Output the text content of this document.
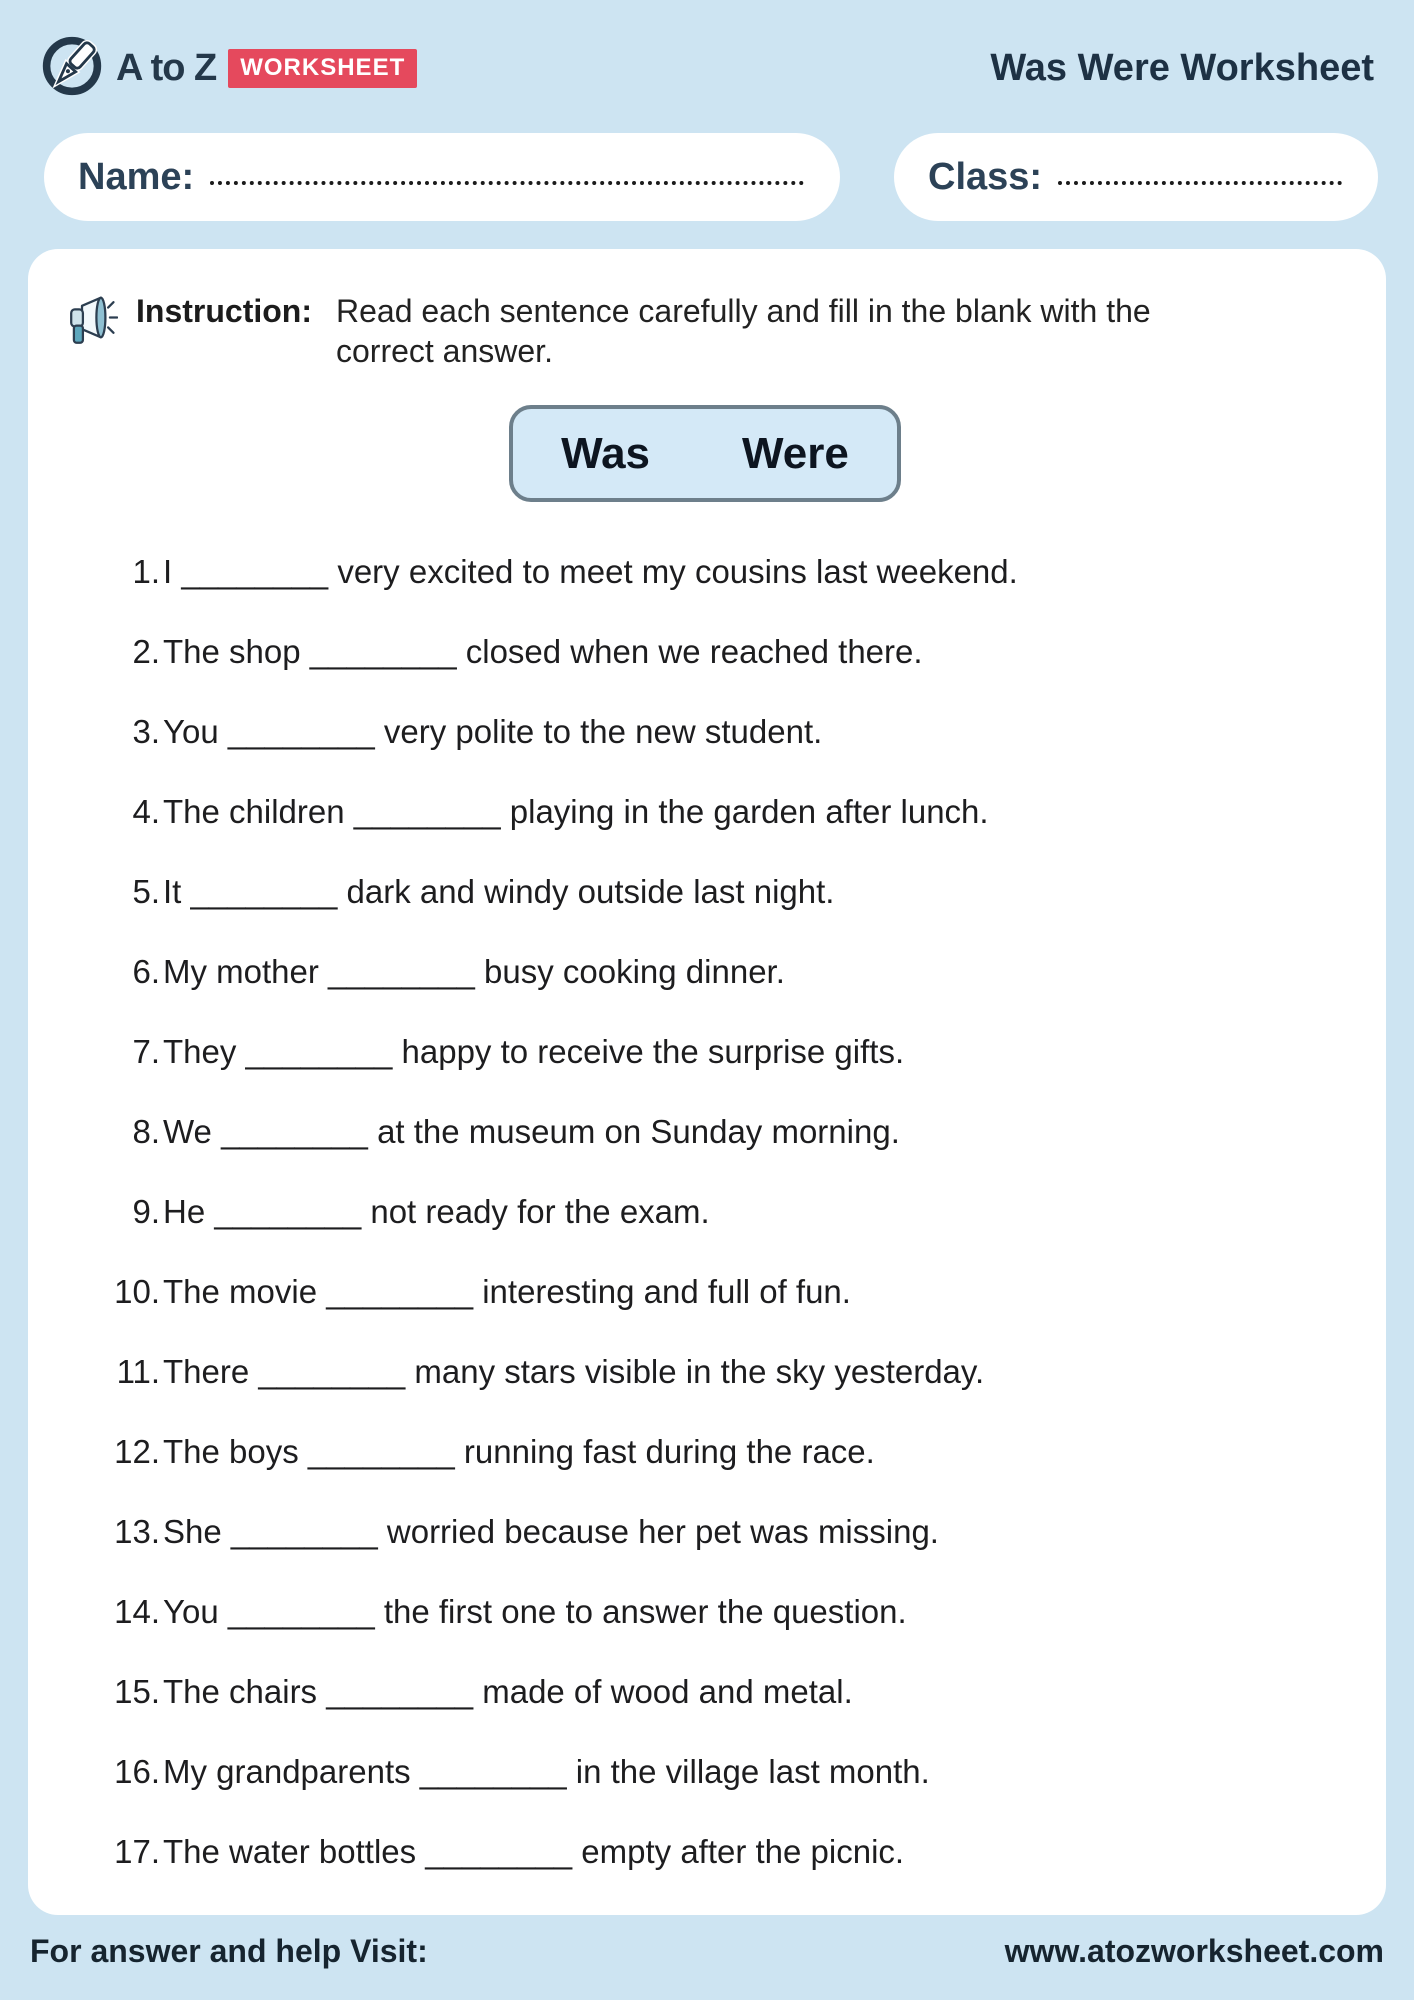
A to Z	WORKSHEET	Was Were Worksheet
Name:	Class:
Instruction: Read each sentence carefully and fill in the blank with the
correct answer.
Was Were
1. I ________ very excited to meet my cousins last weekend.
2. The shop ________ closed when we reached there.
3. You ________ very polite to the new student.
4. The children ________ playing in the garden after lunch.
5. It ________ dark and windy outside last night.
6. My mother ________ busy cooking dinner.
7. They ________ happy to receive the surprise gifts.
8. We ________ at the museum on Sunday morning.
9. He ________ not ready for the exam.
10. The movie ________ interesting and full of fun.
11. There ________ many stars visible in the sky yesterday.
12. The boys ________ running fast during the race.
13. She ________ worried because her pet was missing.
14. You ________ the first one to answer the question.
15. The chairs ________ made of wood and metal.
16. My grandparents ________ in the village last month.
17. The water bottles ________ empty after the picnic.
For answer and help Visit:	www.atozworksheet.com
